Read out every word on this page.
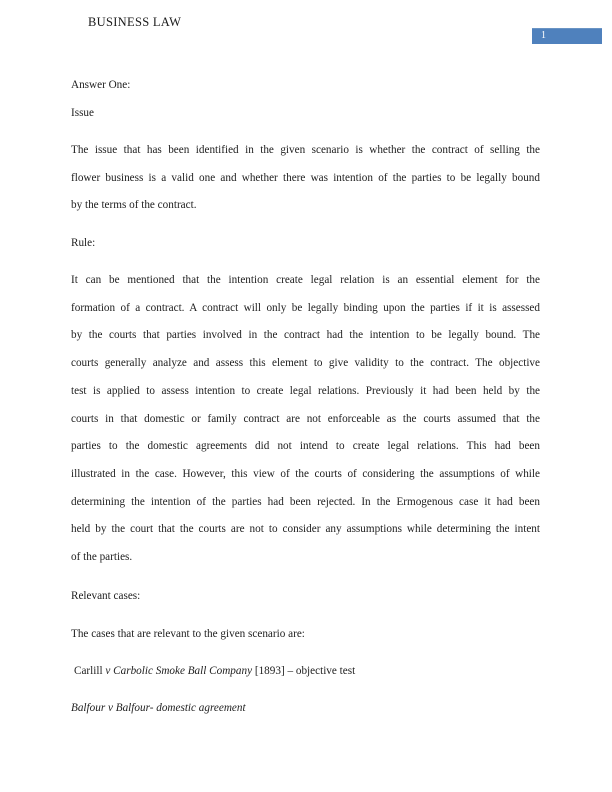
BUSINESS LAW
1
Answer One:
Issue
The issue that has been identified in the given scenario is whether the contract of selling the
flower business is a valid one and whether there was intention of the parties to be legally bound
by the terms of the contract.
Rule:
It can be mentioned that the intention create legal relation is an essential element for the
formation of a contract. A contract will only be legally binding upon the parties if it is assessed
by the courts that parties involved in the contract had the intention to be legally bound. The
courts generally analyze and assess this element to give validity to the contract. The objective
test is applied to assess intention to create legal relations. Previously it had been held by the
courts in that domestic or family contract are not enforceable as the courts assumed that the
parties to the domestic agreements did not intend to create legal relations. This had been
illustrated in the case. However, this view of the courts of considering the assumptions of while
determining the intention of the parties had been rejected. In the Ermogenous case it had been
held by the court that the courts are not to consider any assumptions while determining the intent
of the parties.
Relevant cases:
The cases that are relevant to the given scenario are:
Carlill v Carbolic Smoke Ball Company [1893] – objective test
Balfour v Balfour- domestic agreement
